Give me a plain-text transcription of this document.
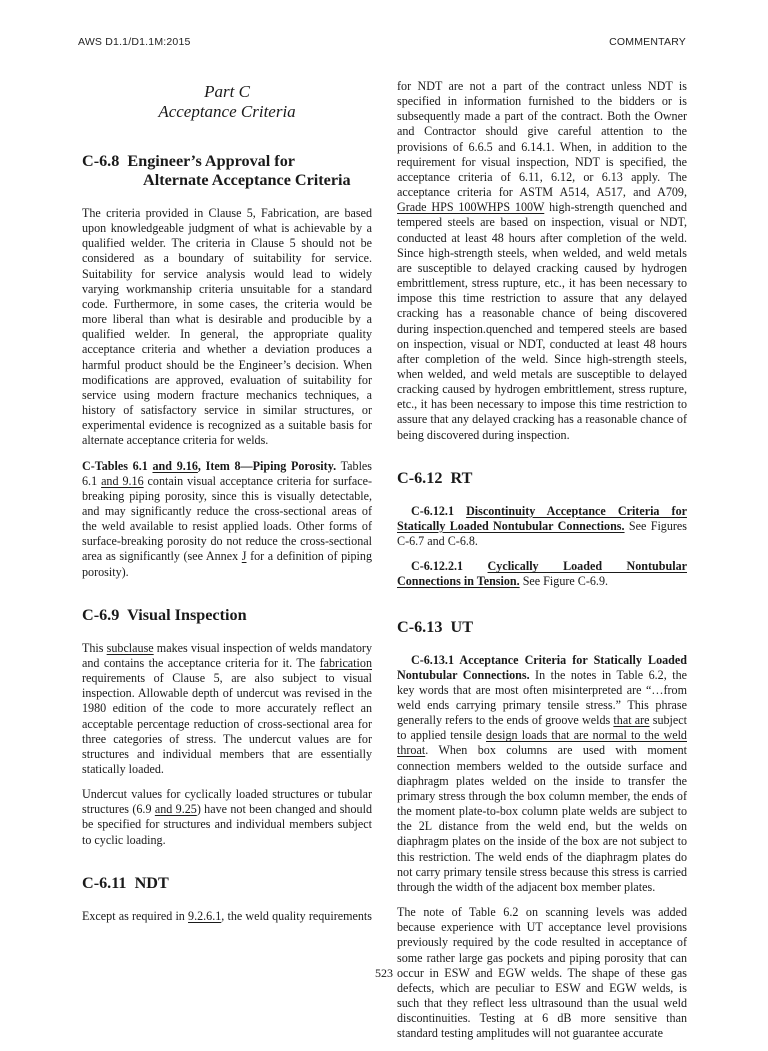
AWS D1.1/D1.1M:2015	COMMENTARY
Part C
Acceptance Criteria
C-6.8  Engineer’s Approval for
Alternate Acceptance Criteria

The criteria provided in Clause 5, Fabrication, are based upon knowledgeable judgment of what is achievable by a qualified welder. The criteria in Clause 5 should not be considered as a boundary of suitability for service. Suitability for service analysis would lead to widely varying workmanship criteria unsuitable for a standard code. Furthermore, in some cases, the criteria would be more liberal than what is desirable and producible by a qualified welder. In general, the appropriate quality acceptance criteria and whether a deviation produces a harmful product should be the Engineer’s decision. When modifications are approved, evaluation of suitability for service using modern fracture mechanics techniques, a history of satisfactory service in similar structures, or experimental evidence is recognized as a suitable basis for alternate acceptance criteria for welds.

C-Tables 6.1 and 9.16, Item 8—Piping Porosity. Tables 6.1 and 9.16 contain visual acceptance criteria for surface-breaking piping porosity, since this is visually detectable, and may significantly reduce the cross-sectional areas of the weld available to resist applied loads. Other forms of surface-breaking porosity do not reduce the cross-sectional area as significantly (see Annex J for a definition of piping porosity).

C-6.9  Visual Inspection

This subclause makes visual inspection of welds mandatory and contains the acceptance criteria for it. The fabrication requirements of Clause 5, are also subject to visual inspection. Allowable depth of undercut was revised in the 1980 edition of the code to more accurately reflect an acceptable percentage reduction of cross-sectional area for three categories of stress. The undercut values are for structures and individual members that are essentially statically loaded.

Undercut values for cyclically loaded structures or tubular structures (6.9 and 9.25) have not been changed and should be specified for structures and individual members subject to cyclic loading.

C-6.11  NDT

Except as required in 9.2.6.1, the weld quality requirements

for NDT are not a part of the contract unless NDT is specified in information furnished to the bidders or is subsequently made a part of the contract. Both the Owner and Contractor should give careful attention to the provisions of 6.6.5 and 6.14.1. When, in addition to the requirement for visual inspection, NDT is specified, the acceptance criteria of 6.11, 6.12, or 6.13 apply. The acceptance criteria for ASTM A514, A517, and A709, Grade HPS 100WHPS 100W high-strength quenched and tempered steels are based on inspection, visual or NDT, conducted at least 48 hours after completion of the weld. Since high-strength steels, when welded, and weld metals are susceptible to delayed cracking caused by hydrogen embrittlement, stress rupture, etc., it has been necessary to impose this time restriction to assure that any delayed cracking has a reasonable chance of being discovered during inspection.quenched and tempered steels are based on inspection, visual or NDT, conducted at least 48 hours after completion of the weld. Since high-strength steels, when welded, and weld metals are susceptible to delayed cracking caused by hydrogen embrittlement, stress rupture, etc., it has been necessary to impose this time restriction to assure that any delayed cracking has a reasonable chance of being discovered during inspection.

C-6.12  RT

C-6.12.1 Discontinuity Acceptance Criteria for Statically Loaded Nontubular Connections. See Figures C-6.7 and C-6.8.

C-6.12.2.1 Cyclically Loaded Nontubular Connections in Tension. See Figure C-6.9.

C-6.13  UT

C-6.13.1 Acceptance Criteria for Statically Loaded Nontubular Connections. In the notes in Table 6.2, the key words that are most often misinterpreted are “…from weld ends carrying primary tensile stress.” This phrase generally refers to the ends of groove welds that are subject to applied tensile design loads that are normal to the weld throat. When box columns are used with moment connection members welded to the outside surface and diaphragm plates welded on the inside to transfer the primary stress through the box column member, the ends of the moment plate-to-box column plate welds are subject to the 2L distance from the weld end, but the welds on diaphragm plates on the inside of the box are not subject to this restriction. The weld ends of the diaphragm plates do not carry primary tensile stress because this stress is carried through the width of the adjacent box member plates.

The note of Table 6.2 on scanning levels was added because experience with UT acceptance level provisions previously required by the code resulted in acceptance of some rather large gas pockets and piping porosity that can occur in ESW and EGW welds. The shape of these gas defects, which are peculiar to ESW and EGW welds, is such that they reflect less ultrasound than the usual weld discontinuities. Testing at 6 dB more sensitive than standard testing amplitudes will not guarantee accurate

523
